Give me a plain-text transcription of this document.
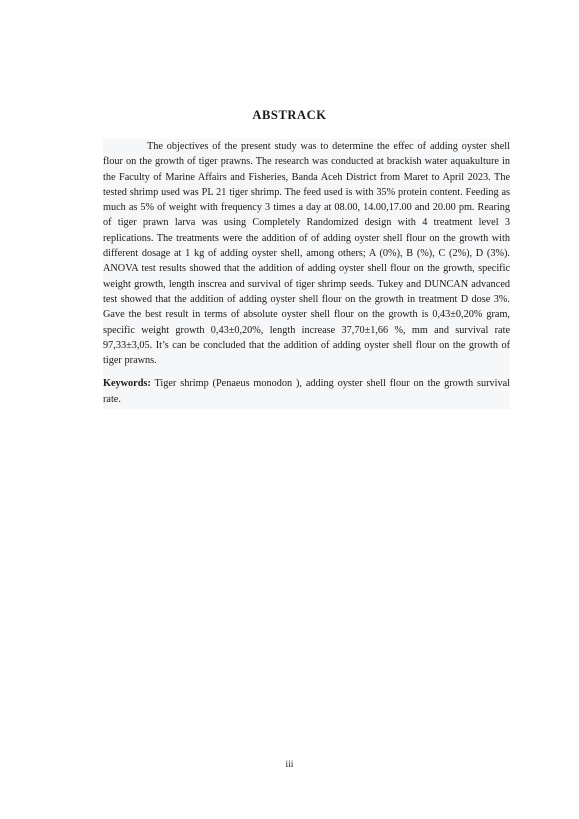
ABSTRACK

The objectives of the present study was to determine the effec of adding oyster shell flour on the growth of tiger prawns. The research was conducted at brackish water aquakulture in the Faculty of Marine Affairs and Fisheries, Banda Aceh District from Maret to April 2023. The tested shrimp used was PL 21 tiger shrimp. The feed used is with 35% protein content. Feeding as much as 5% of weight with frequency 3 times a day at 08.00, 14.00,17.00 and 20.00 pm. Rearing of tiger prawn larva was using Completely Randomized design with 4 treatment level 3 replications. The treatments were the addition of of adding oyster shell flour on the growth with different dosage at 1 kg of adding oyster shell, among others; A (0%), B (%), C (2%), D (3%). ANOVA test results showed that the addition of adding oyster shell flour on the growth, specific weight growth, length inscrea and survival of tiger shrimp seeds. Tukey and DUNCAN advanced test showed that the addition of adding oyster shell flour on the growth in treatment D dose 3%. Gave the best result in terms of absolute oyster shell flour on the growth is 0,43±0,20% gram, specific weight growth 0,43±0,20%, length increase 37,70±1,66 %, mm and survival rate 97,33±3,05. It’s can be concluded that the addition of adding oyster shell flour on the growth of tiger prawns.

Keywords: Tiger shrimp (Penaeus monodon ), adding oyster shell flour on the growth survival rate.

iii
